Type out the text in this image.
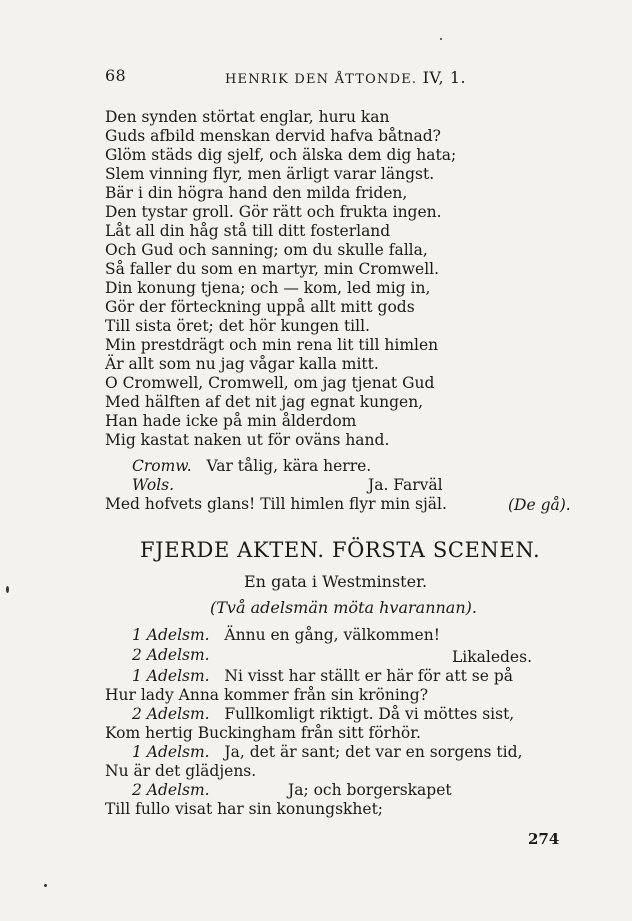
68	HENRIK DEN ÅTTONDE. IV, 1.
Den synden störtat englar, huru kan
Guds afbild menskan dervid hafva båtnad?
Glöm städs dig sjelf, och älska dem dig hata;
Slem vinning flyr, men ärligt varar längst.
Bär i din högra hand den milda friden,
Den tystar groll. Gör rätt och frukta ingen.
Låt all din håg stå till ditt fosterland
Och Gud och sanning; om du skulle falla,
Så faller du som en martyr, min Cromwell.
Din konung tjena; och — kom, led mig in,
Gör der förteckning uppå allt mitt gods
Till sista öret; det hör kungen till.
Min prestdrägt och min rena lit till himlen
Är allt som nu jag vågar kalla mitt.
O Cromwell, Cromwell, om jag tjenat Gud
Med hälften af det nit jag egnat kungen,
Han hade icke på min ålderdom
Mig kastat naken ut för oväns hand.
Cromw. Var tålig, kära herre.
Wols.	Ja. Farväl
Med hofvets glans! Till himlen flyr min själ.	(De gå).
FJERDE AKTEN. FÖRSTA SCENEN.
En gata i Westminster.
(Två adelsmän möta hvarannan).
1 Adelsm. Ännu en gång, välkommen!
2 Adelsm.	Likaledes.
1 Adelsm. Ni visst har ställt er här för att se på
Hur lady Anna kommer från sin kröning?
2 Adelsm. Fullkomligt riktigt. Då vi möttes sist,
Kom hertig Buckingham från sitt förhör.
1 Adelsm. Ja, det är sant; det var en sorgens tid,
Nu är det glädjens.
2 Adelsm.	Ja; och borgerskapet
Till fullo visat har sin konungskhet;
274
